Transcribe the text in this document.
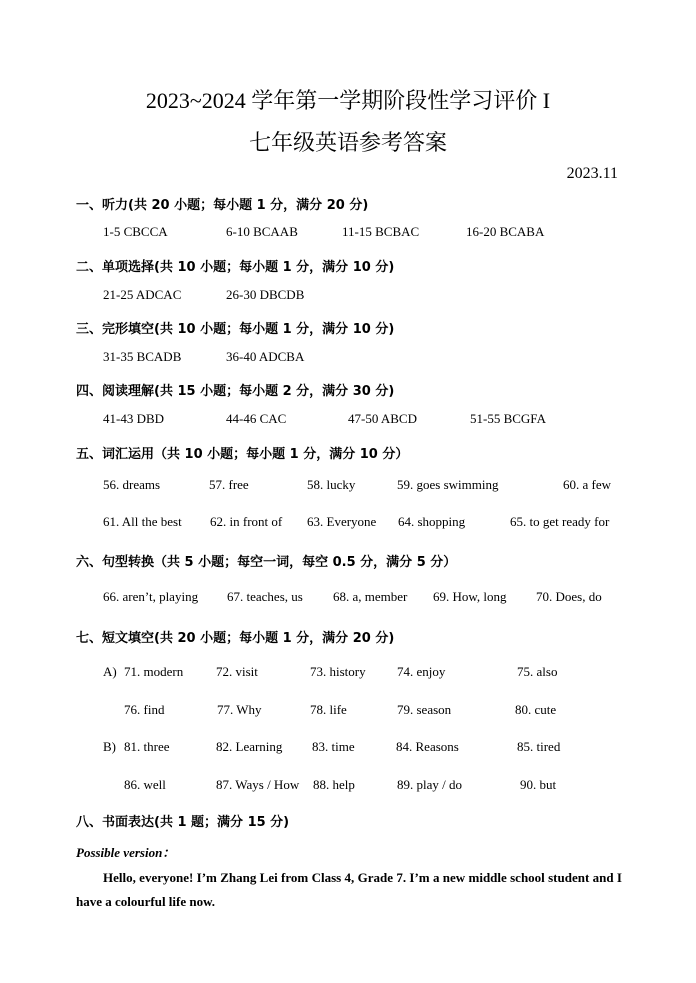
2023~2024 学年第一学期阶段性学习评价 I
七年级英语参考答案
2023.11
一、听力(共 20 小题；每小题 1 分，满分 20 分)
1-5 CBCCA	6-10 BCAAB	11-15 BCBAC	16-20 BCABA
二、单项选择(共 10 小题；每小题 1 分，满分 10 分)
21-25 ADCAC	26-30 DBCDB
三、完形填空(共 10 小题；每小题 1 分，满分 10 分)
31-35 BCADB	36-40 ADCBA
四、阅读理解(共 15 小题；每小题 2 分，满分 30 分)
41-43 DBD	44-46 CAC	47-50 ABCD	51-55 BCGFA
五、词汇运用（共 10 小题；每小题 1 分，满分 10 分）
56. dreams	57. free	58. lucky	59. goes swimming	60. a few
61. All the best 62. in front of 63. Everyone 64. shopping	65. to get ready for
六、句型转换（共 5 小题；每空一词，每空 0.5 分，满分 5 分）
66. aren’t, playing 67. teaches, us 68. a, member 69. How, long 70. Does, do
七、短文填空(共 20 小题；每小题 1 分，满分 20 分)
A) 71. modern	72. visit	73. history 74. enjoy	75. also
76. find	77. Why	78. life	79. season	80. cute
B) 81. three	82. Learning 83. time	84. Reasons	85. tired
86. well	87. Ways / How 88. help	89. play / do	90. but
八、书面表达(共 1 题；满分 15 分)
Possible version：
Hello, everyone! I’m Zhang Lei from Class 4, Grade 7. I’m a new middle school student and I have a colourful life now.
